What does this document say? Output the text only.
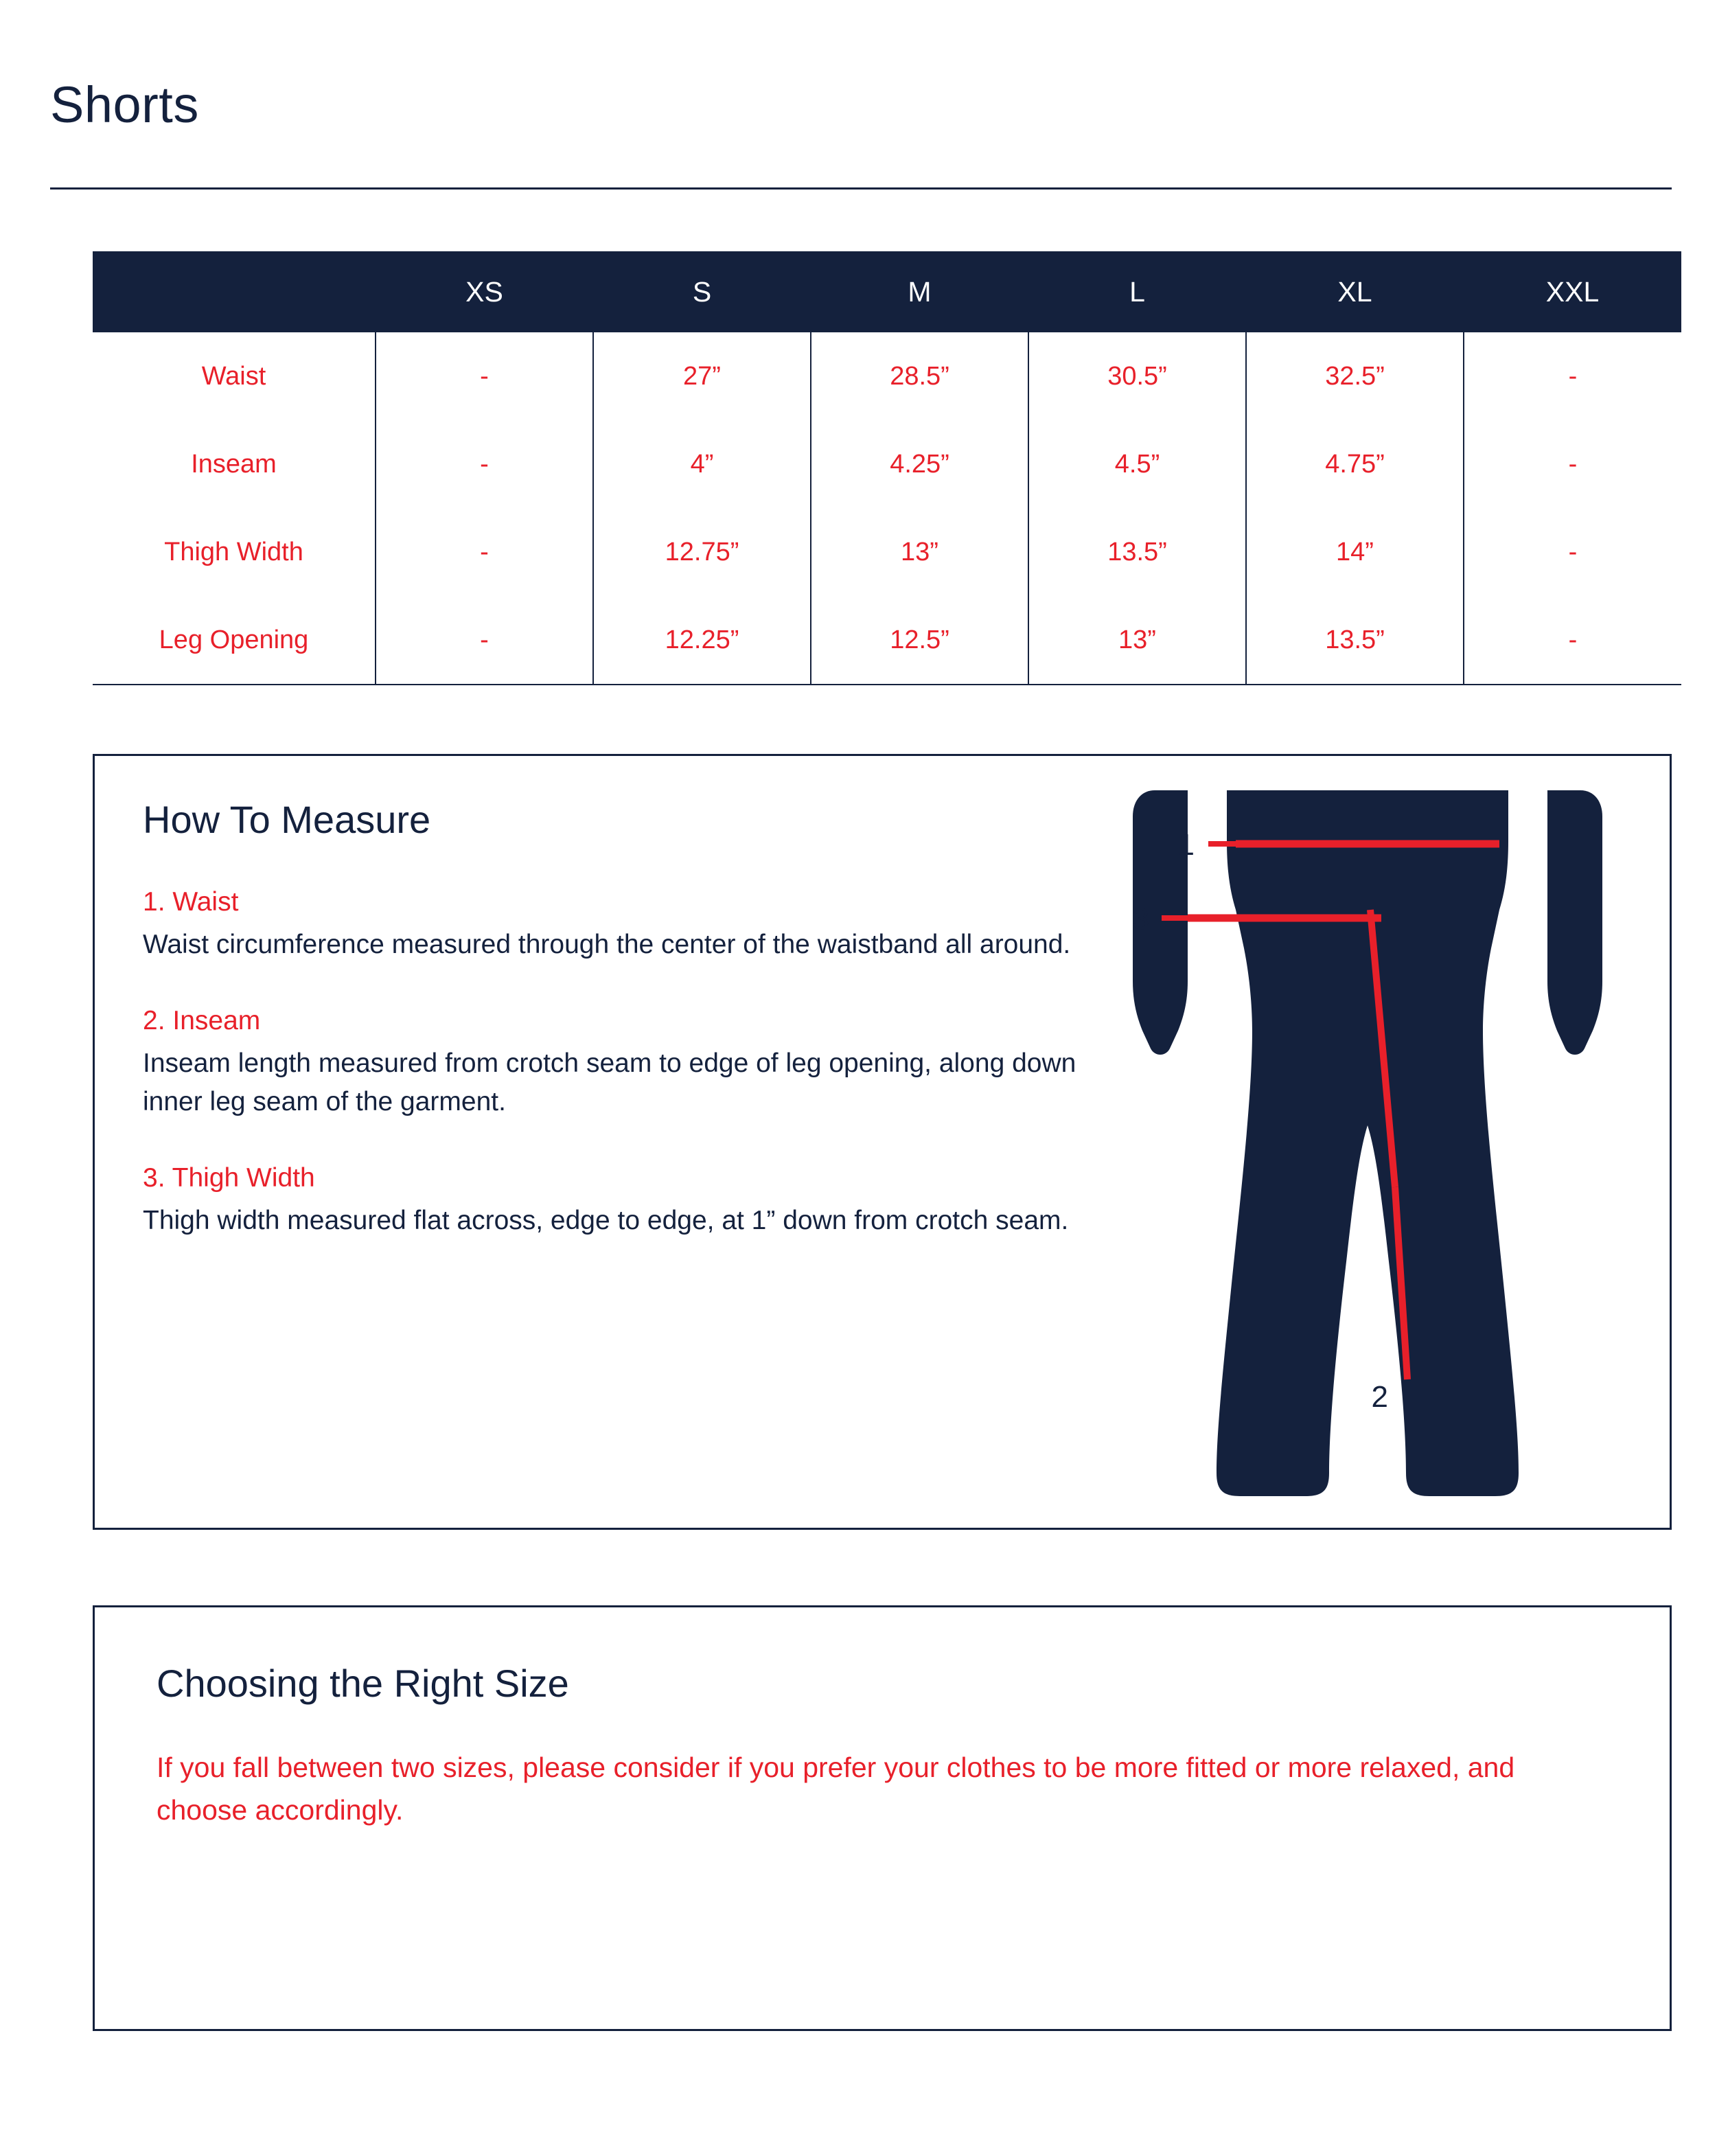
Shorts
	XS	S	M	L	XL	XXL
Waist	-	27”	28.5”	30.5”	32.5”	-
Inseam	-	4”	4.25”	4.5”	4.75”	-
Thigh Width	-	12.75”	13”	13.5”	14”	-
Leg Opening	-	12.25”	12.5”	13”	13.5”	-
How To Measure
1. Waist
Waist circumference measured through the center of the waistband all around.
2. Inseam
Inseam length measured from crotch seam to edge of leg opening, along down inner leg seam of the garment.
3. Thigh Width
Thigh width measured flat across, edge to edge, at 1” down from crotch seam.
1
3
2
Choosing the Right Size

If you fall between two sizes, please consider if you prefer your clothes to be more fitted or more relaxed, and choose accordingly.
